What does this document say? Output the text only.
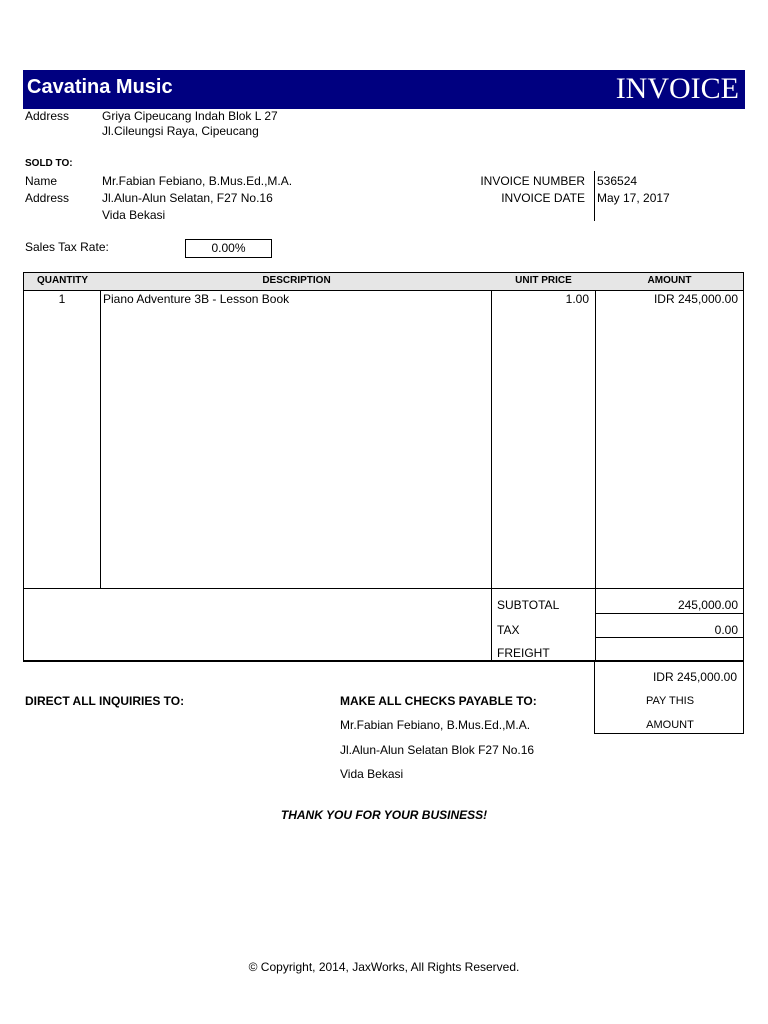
Cavatina Music	INVOICE
Address	Griya Cipeucang Indah Blok L 27
Jl.Cileungsi Raya, Cipeucang
SOLD TO:
Name	Mr.Fabian Febiano, B.Mus.Ed.,M.A.
Address	Jl.Alun-Alun Selatan, F27 No.16
Vida Bekasi
INVOICE NUMBER 536524
INVOICE DATE May 17, 2017
Sales Tax Rate:	0.00%
QUANTITY	DESCRIPTION	UNIT PRICE	AMOUNT
1	Piano Adventure 3B - Lesson Book	1.00	IDR 245,000.00
SUBTOTAL	245,000.00
TAX	0.00
FREIGHT
IDR 245,000.00
PAY THIS
AMOUNT
DIRECT ALL INQUIRIES TO:	MAKE ALL CHECKS PAYABLE TO:
Mr.Fabian Febiano, B.Mus.Ed.,M.A.
Jl.Alun-Alun Selatan Blok F27 No.16
Vida Bekasi
THANK YOU FOR YOUR BUSINESS!
© Copyright, 2014, JaxWorks, All Rights Reserved.
